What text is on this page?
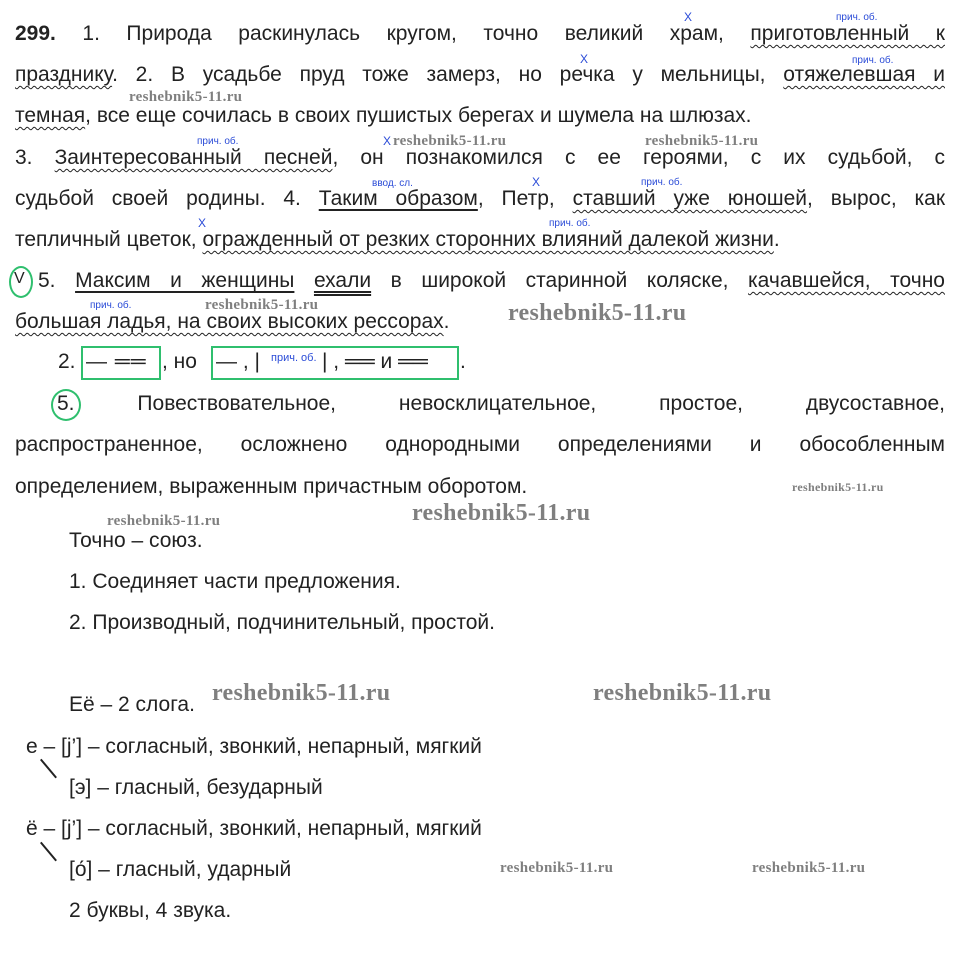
299. 1. Природа раскинулась кругом, точно великий храм, приготовленный к
празднику. 2. В усадьбе пруд тоже замерз, но речка у мельницы, отяжелевшая и
темная, все еще сочилась в своих пушистых берегах и шумела на шлюзах.
3. Заинтересованный песней, он познакомился с ее героями, с их судьбой, с
судьбой своей родины. 4. Таким образом, Петр, ставший уже юношей, вырос, как
тепличный цветок, огражденный от резких сторонних влияний далекой жизни.
5. Максим и женщины ехали в широкой старинной коляске, качавшейся, точно
большая ладья, на своих высоких рессорах.
V
X	прич. об.
X	прич. об.
прич. об.	X
ввод. сл.	X	прич. об.
X	прич. об.
прич. об.
2. — ══ , но — , | прич. об. | , ══ и ══ .
5.	Повествовательное, невосклицательное, простое, двусоставное,
распространенное, осложнено однородными определениями и обособленным
определением, выраженным причастным оборотом.
Точно – союз.
1. Соединяет части предложения.
2. Производный, подчинительный, простой.
Её – 2 слога.
е – [j’] – согласный, звонкий, непарный, мягкий
[э] – гласный, безударный
ё – [j’] – согласный, звонкий, непарный, мягкий
[о́] – гласный, ударный
2 буквы, 4 звука.
reshebnik5-11.ru
reshebnik5-11.ru	reshebnik5-11.ru
reshebnik5-11.ru	reshebnik5-11.ru
reshebnik5-11.ru
reshebnik5-11.ru	reshebnik5-11.ru
reshebnik5-11.ru	reshebnik5-11.ru
reshebnik5-11.ru	reshebnik5-11.ru
